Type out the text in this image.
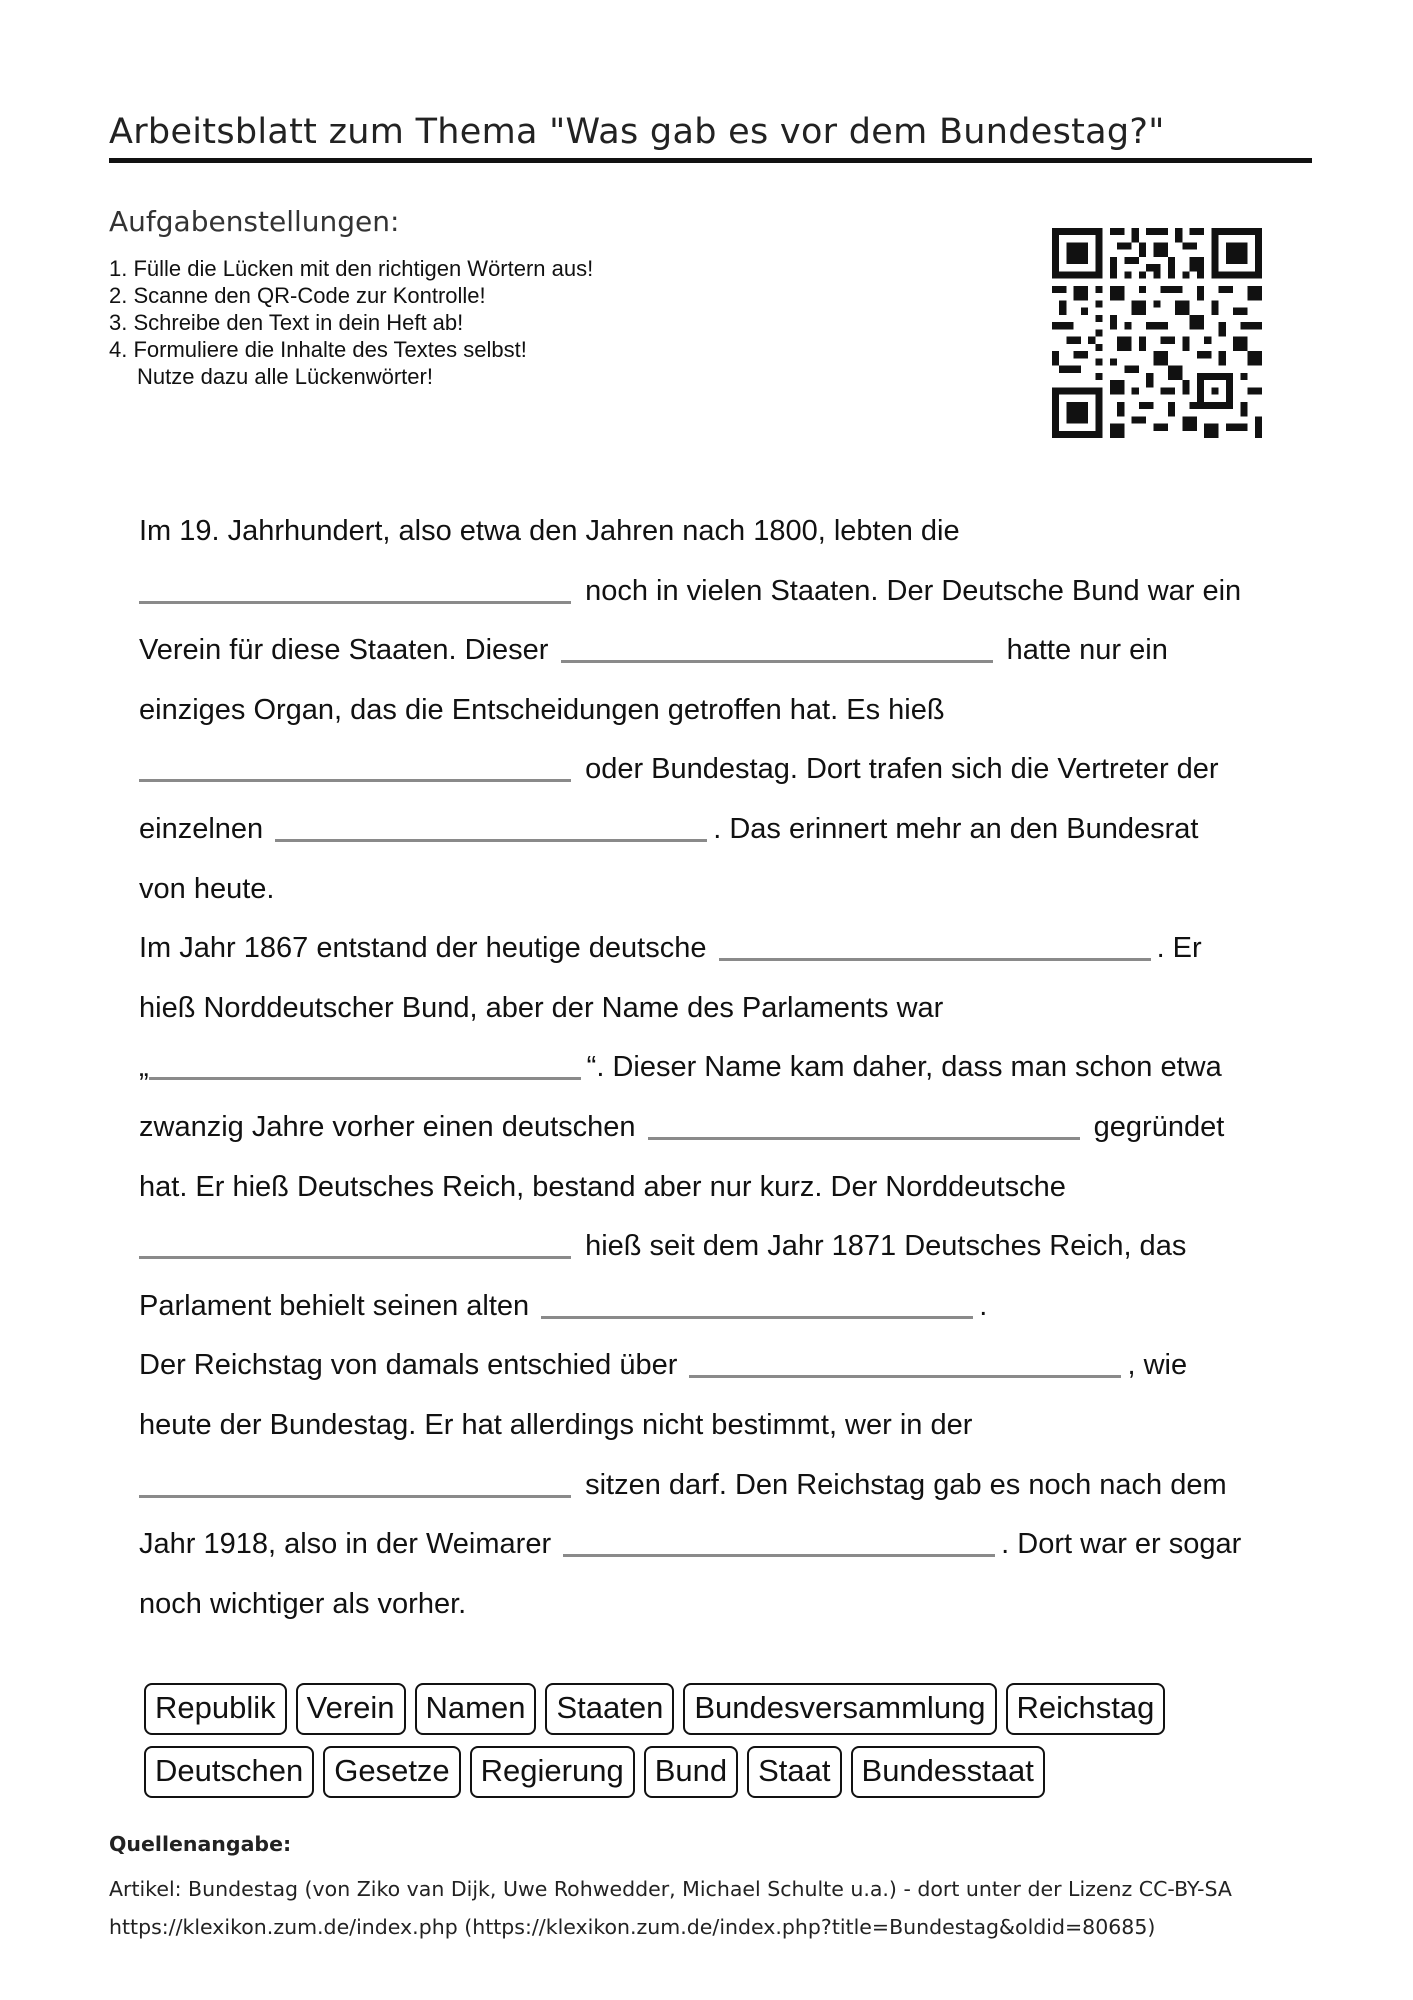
Arbeitsblatt zum Thema "Was gab es vor dem Bundestag?"
Aufgabenstellungen:
1. Fülle die Lücken mit den richtigen Wörtern aus!
2. Scanne den QR-Code zur Kontrolle!
3. Schreibe den Text in dein Heft ab!
4. Formuliere die Inhalte des Textes selbst!
Nutze dazu alle Lückenwörter!
Im 19. Jahrhundert, also etwa den Jahren nach 1800, lebten die
noch in vielen Staaten. Der Deutsche Bund war ein
Verein für diese Staaten. Dieser	hatte nur ein
einziges Organ, das die Entscheidungen getroffen hat. Es hieß
oder Bundestag. Dort trafen sich die Vertreter der
einzelnen	. Das erinnert mehr an den Bundesrat
von heute.
Im Jahr 1867 entstand der heutige deutsche	. Er
hieß Norddeutscher Bund, aber der Name des Parlaments war
„	“. Dieser Name kam daher, dass man schon etwa
zwanzig Jahre vorher einen deutschen	gegründet
hat. Er hieß Deutsches Reich, bestand aber nur kurz. Der Norddeutsche
hieß seit dem Jahr 1871 Deutsches Reich, das
Parlament behielt seinen alten	.
Der Reichstag von damals entschied über	, wie
heute der Bundestag. Er hat allerdings nicht bestimmt, wer in der
sitzen darf. Den Reichstag gab es noch nach dem
Jahr 1918, also in der Weimarer	. Dort war er sogar
noch wichtiger als vorher.
Republik	Verein	Namen	Staaten	Bundesversammlung	Reichstag
Deutschen	Gesetze	Regierung	Bund	Staat	Bundesstaat
Quellenangabe:
Artikel: Bundestag (von Ziko van Dijk, Uwe Rohwedder, Michael Schulte u.a.) - dort unter der Lizenz CC-BY-SA
https://klexikon.zum.de/index.php (https://klexikon.zum.de/index.php?title=Bundestag&oldid=80685)
